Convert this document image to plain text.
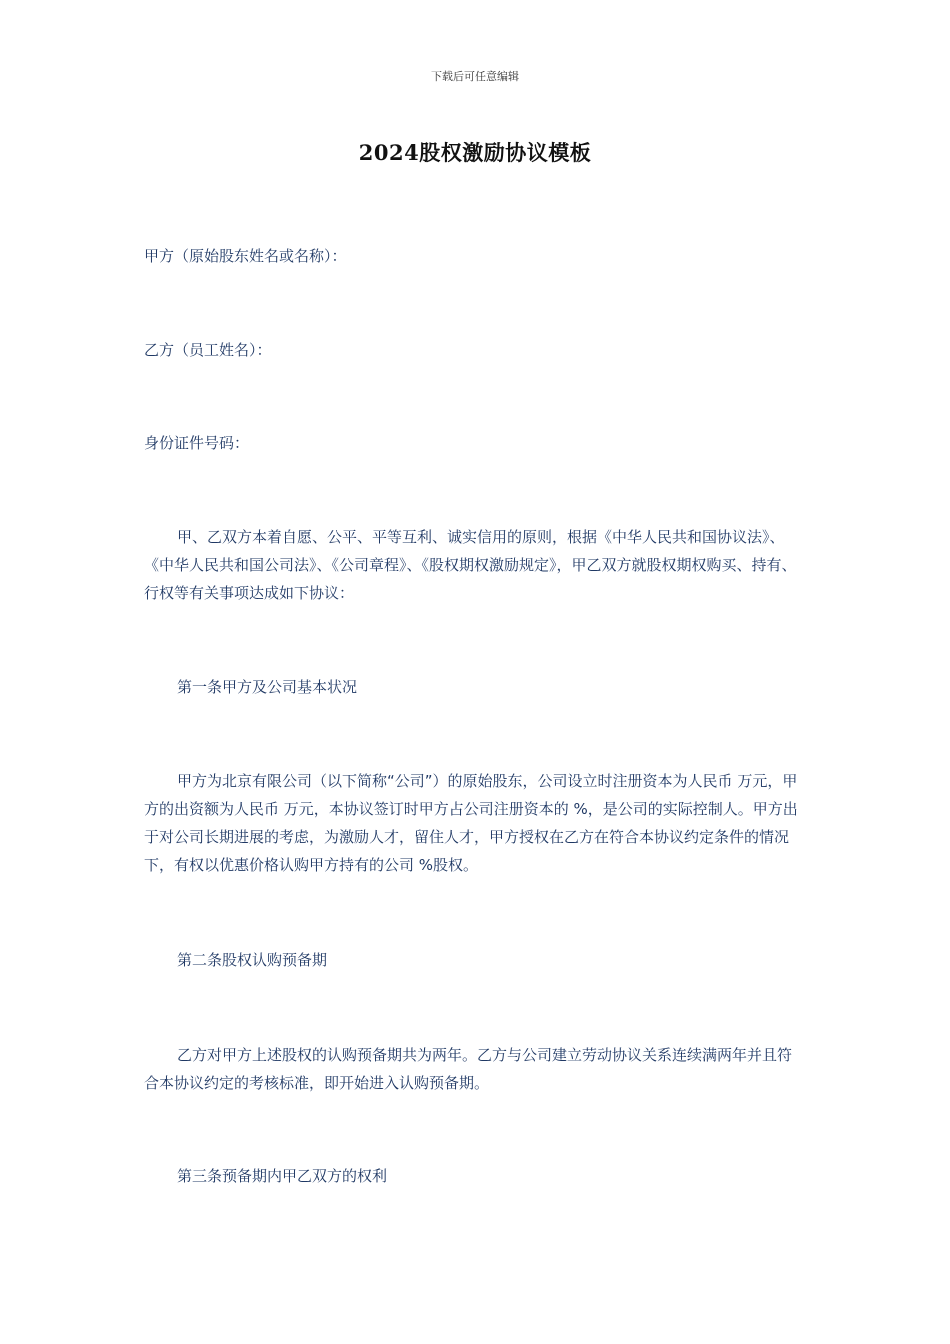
下载后可任意编辑
2024股权激励协议模板
甲方（原始股东姓名或名称）：
乙方（员工姓名）：
身份证件号码：
甲、乙双方本着自愿、公平、平等互利、诚实信用的原则，根据《中华人民共和国协议法》、《中华人民共和国公司法》、《公司章程》、《股权期权激励规定》，甲乙双方就股权期权购买、持有、行权等有关事项达成如下协议：
第一条甲方及公司基本状况
甲方为北京有限公司（以下简称“公司”）的原始股东，公司设立时注册资本为人民币 万元，甲方的出资额为人民币 万元，本协议签订时甲方占公司注册资本的 %，是公司的实际控制人。甲方出于对公司长期进展的考虑，为激励人才，留住人才，甲方授权在乙方在符合本协议约定条件的情况下，有权以优惠价格认购甲方持有的公司 %股权。
第二条股权认购预备期
乙方对甲方上述股权的认购预备期共为两年。乙方与公司建立劳动协议关系连续满两年并且符合本协议约定的考核标准，即开始进入认购预备期。
第三条预备期内甲乙双方的权利
